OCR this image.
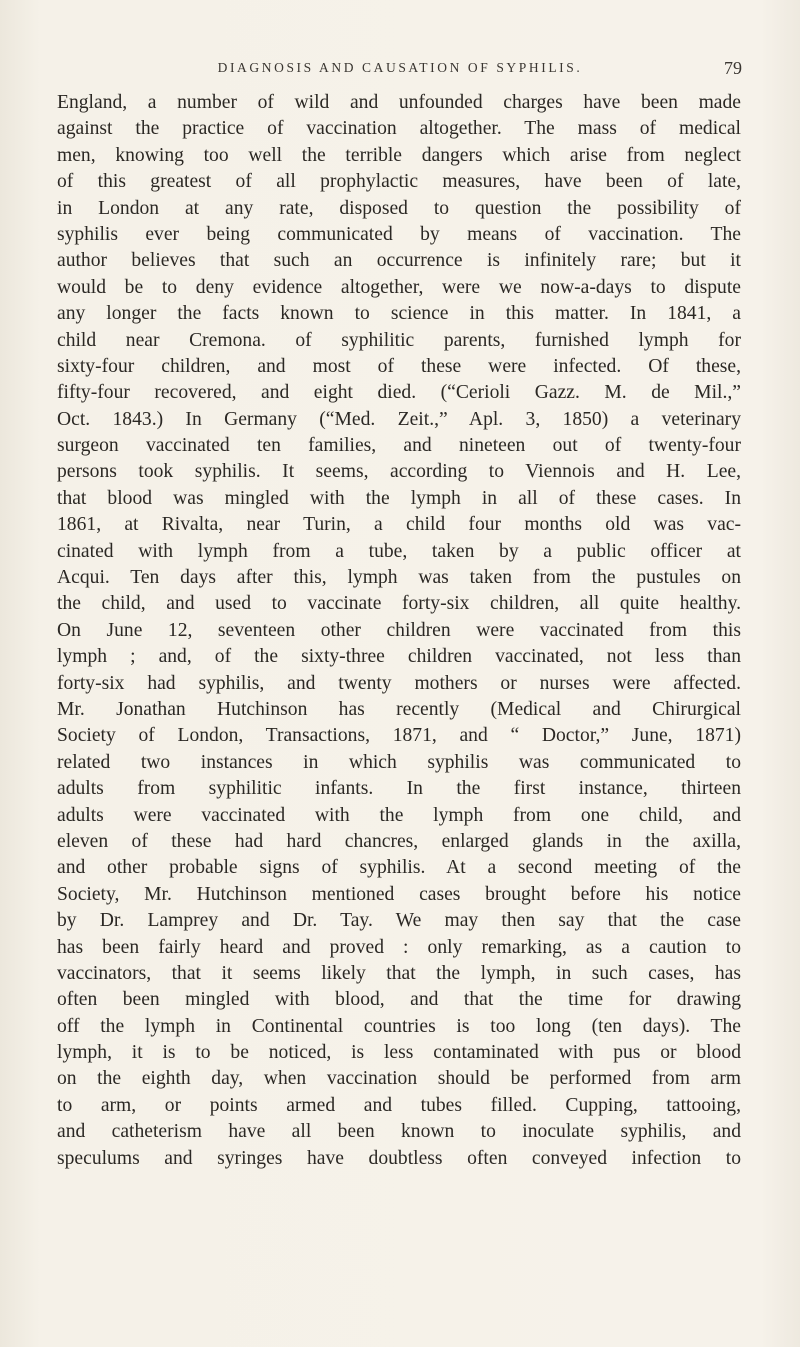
DIAGNOSIS AND CAUSATION OF SYPHILIS.	79
England, a number of wild and unfounded charges have been made
against the practice of vaccination altogether. The mass of medical
men, knowing too well the terrible dangers which arise from neglect
of this greatest of all prophylactic measures, have been of late,
in London at any rate, disposed to question the possibility of
syphilis ever being communicated by means of vaccination. The
author believes that such an occurrence is infinitely rare; but it
would be to deny evidence altogether, were we now-a-days to dispute
any longer the facts known to science in this matter. In 1841, a
child near Cremona. of syphilitic parents, furnished lymph for
sixty-four children, and most of these were infected. Of these,
fifty-four recovered, and eight died. (“Cerioli Gazz. M. de Mil.,”
Oct. 1843.) In Germany (“Med. Zeit.,” Apl. 3, 1850) a veterinary
surgeon vaccinated ten families, and nineteen out of twenty-four
persons took syphilis. It seems, according to Viennois and H. Lee,
that blood was mingled with the lymph in all of these cases. In
1861, at Rivalta, near Turin, a child four months old was vac-
cinated with lymph from a tube, taken by a public officer at
Acqui. Ten days after this, lymph was taken from the pustules on
the child, and used to vaccinate forty-six children, all quite healthy.
On June 12, seventeen other children were vaccinated from this
lymph ; and, of the sixty-three children vaccinated, not less than
forty-six had syphilis, and twenty mothers or nurses were affected.
Mr. Jonathan Hutchinson has recently (Medical and Chirurgical
Society of London, Transactions, 1871, and “ Doctor,” June, 1871)
related two instances in which syphilis was communicated to
adults from syphilitic infants. In the first instance, thirteen
adults were vaccinated with the lymph from one child, and
eleven of these had hard chancres, enlarged glands in the axilla,
and other probable signs of syphilis. At a second meeting of the
Society, Mr. Hutchinson mentioned cases brought before his notice
by Dr. Lamprey and Dr. Tay. We may then say that the case
has been fairly heard and proved : only remarking, as a caution to
vaccinators, that it seems likely that the lymph, in such cases, has
often been mingled with blood, and that the time for drawing
off the lymph in Continental countries is too long (ten days). The
lymph, it is to be noticed, is less contaminated with pus or blood
on the eighth day, when vaccination should be performed from arm
to arm, or points armed and tubes filled. Cupping, tattooing,
and catheterism have all been known to inoculate syphilis, and
speculums and syringes have doubtless often conveyed infection to
